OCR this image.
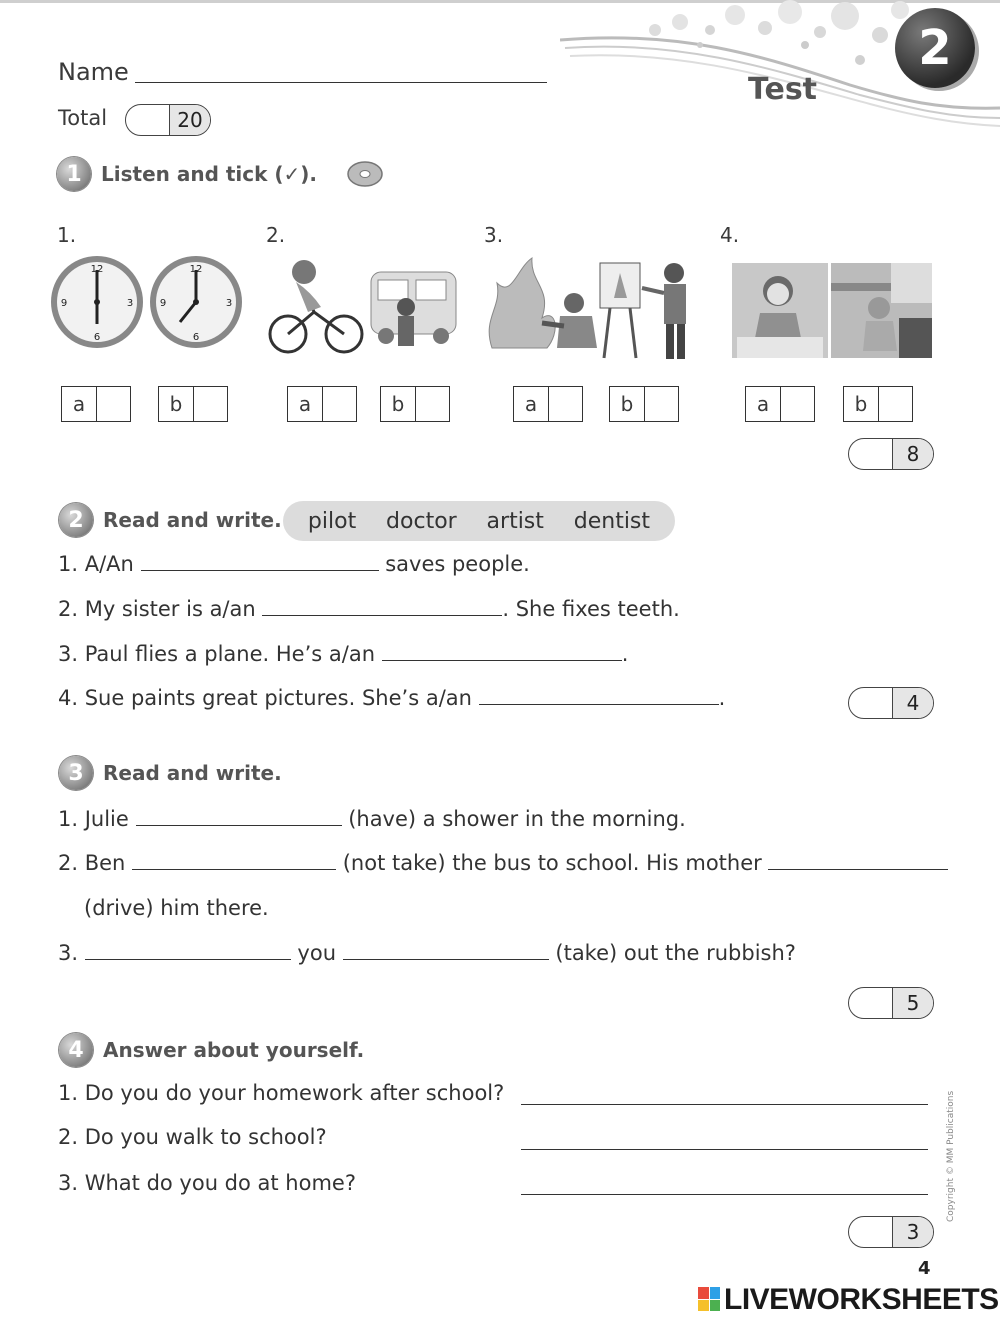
2
Test
Name
Total	20
1 Listen and tick (✓).
1.	2.	3.	4.
12
6
9	3
12
6
9	3
a	b	a	b	a	b	a	b
8
2 Read and write. pilot doctor artist dentist
1. A/An	saves people.
2. My sister is a/an	. She fixes teeth.
3. Paul flies a plane. He’s a/an	.
4. Sue paints great pictures. She’s a/an	.	4
3 Read and write.
1. Julie	(have) a shower in the morning.
2. Ben	(not take) the bus to school. His mother
(drive) him there.
3.	you	(take) out the rubbish?
5
4 Answer about yourself.
1. Do you do your homework after school?
2. Do you walk to school?
3. What do you do at home?
3
Copyright © MM Publications
4
LIVEWORKSHEETS
